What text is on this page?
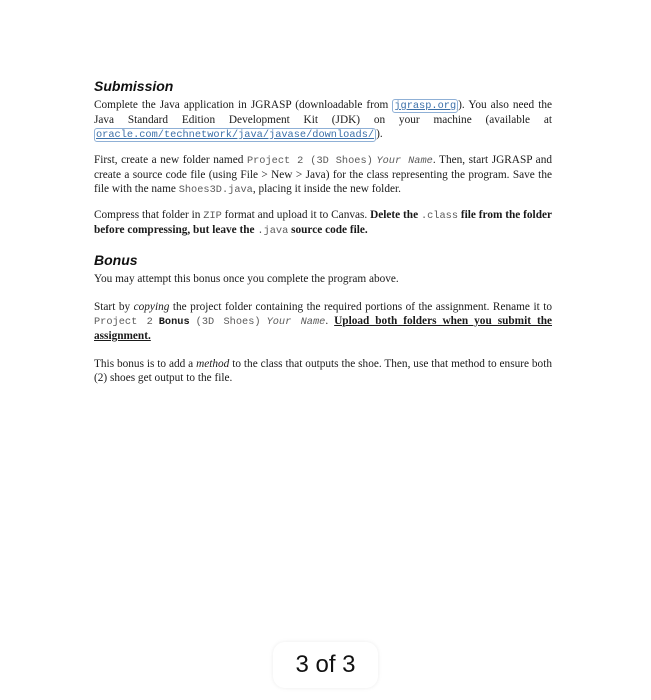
Submission

Complete the Java application in JGRASP (downloadable from jgrasp.org ). You also need the Java Standard Edition Development Kit (JDK) on your machine (available at oracle.com/technetwork/java/javase/downloads/ ).

First, create a new folder named Project 2 (3D Shoes) Your Name. Then, start JGRASP and create a source code file (using File > New > Java) for the class representing the program. Save the file with the name Shoes3D.java, placing it inside the new folder.

Compress that folder in ZIP format and upload it to Canvas. Delete the .class file from the folder before compressing, but leave the .java source code file.

Bonus

You may attempt this bonus once you complete the program above.

Start by copying the project folder containing the required portions of the assignment. Rename it to Project 2 Bonus (3D Shoes) Your Name. Upload both folders when you submit the assignment.

This bonus is to add a method to the class that outputs the shoe. Then, use that method to ensure both (2) shoes get output to the file.

3 of 3
